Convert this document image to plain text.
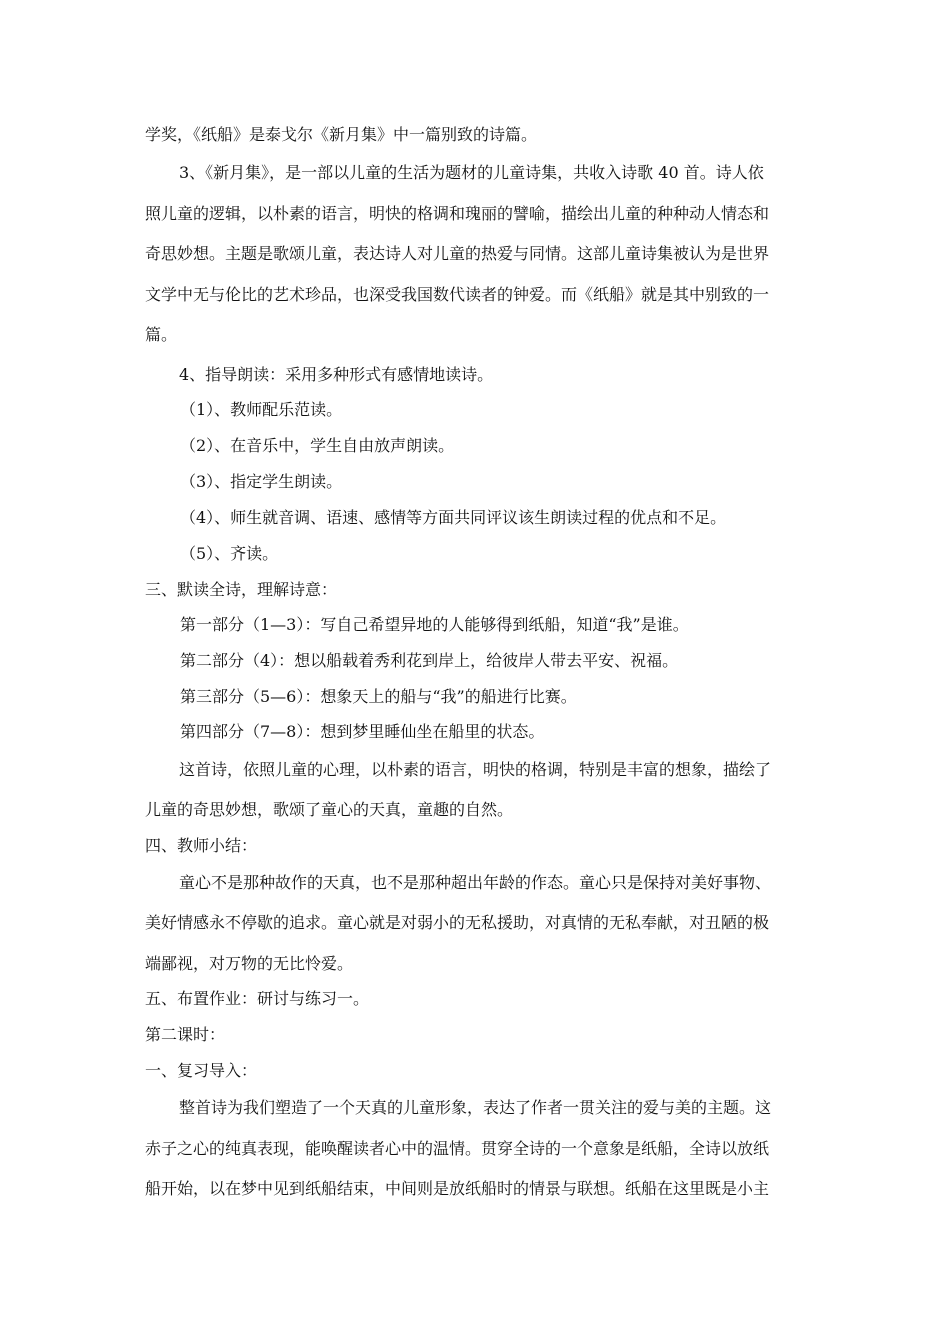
学奖，《纸船》是泰戈尔《新月集》中一篇别致的诗篇。
3、《新月集》，是一部以儿童的生活为题材的儿童诗集，共收入诗歌 40 首。诗人依
照儿童的逻辑，以朴素的语言，明快的格调和瑰丽的譬喻，描绘出儿童的种种动人情态和
奇思妙想。主题是歌颂儿童，表达诗人对儿童的热爱与同情。这部儿童诗集被认为是世界
文学中无与伦比的艺术珍品，也深受我国数代读者的钟爱。而《纸船》就是其中别致的一
篇。
4、指导朗读：采用多种形式有感情地读诗。
（1）、教师配乐范读。
（2）、在音乐中，学生自由放声朗读。
（3）、指定学生朗读。
（4）、师生就音调、语速、感情等方面共同评议该生朗读过程的优点和不足。
（5）、齐读。
三、默读全诗，理解诗意：
第一部分（1—3）：写自己希望异地的人能够得到纸船，知道“我”是谁。
第二部分（4）：想以船载着秀利花到岸上，给彼岸人带去平安、祝福。
第三部分（5—6）：想象天上的船与“我”的船进行比赛。
第四部分（7—8）：想到梦里睡仙坐在船里的状态。
这首诗，依照儿童的心理，以朴素的语言，明快的格调，特别是丰富的想象，描绘了
儿童的奇思妙想，歌颂了童心的天真，童趣的自然。
四、教师小结：
童心不是那种故作的天真，也不是那种超出年龄的作态。童心只是保持对美好事物、
美好情感永不停歇的追求。童心就是对弱小的无私援助，对真情的无私奉献，对丑陋的极
端鄙视，对万物的无比怜爱。
五、布置作业：研讨与练习一。
第二课时：
一、复习导入：
整首诗为我们塑造了一个天真的儿童形象，表达了作者一贯关注的爱与美的主题。这
赤子之心的纯真表现，能唤醒读者心中的温情。贯穿全诗的一个意象是纸船，全诗以放纸
船开始，以在梦中见到纸船结束，中间则是放纸船时的情景与联想。纸船在这里既是小主
